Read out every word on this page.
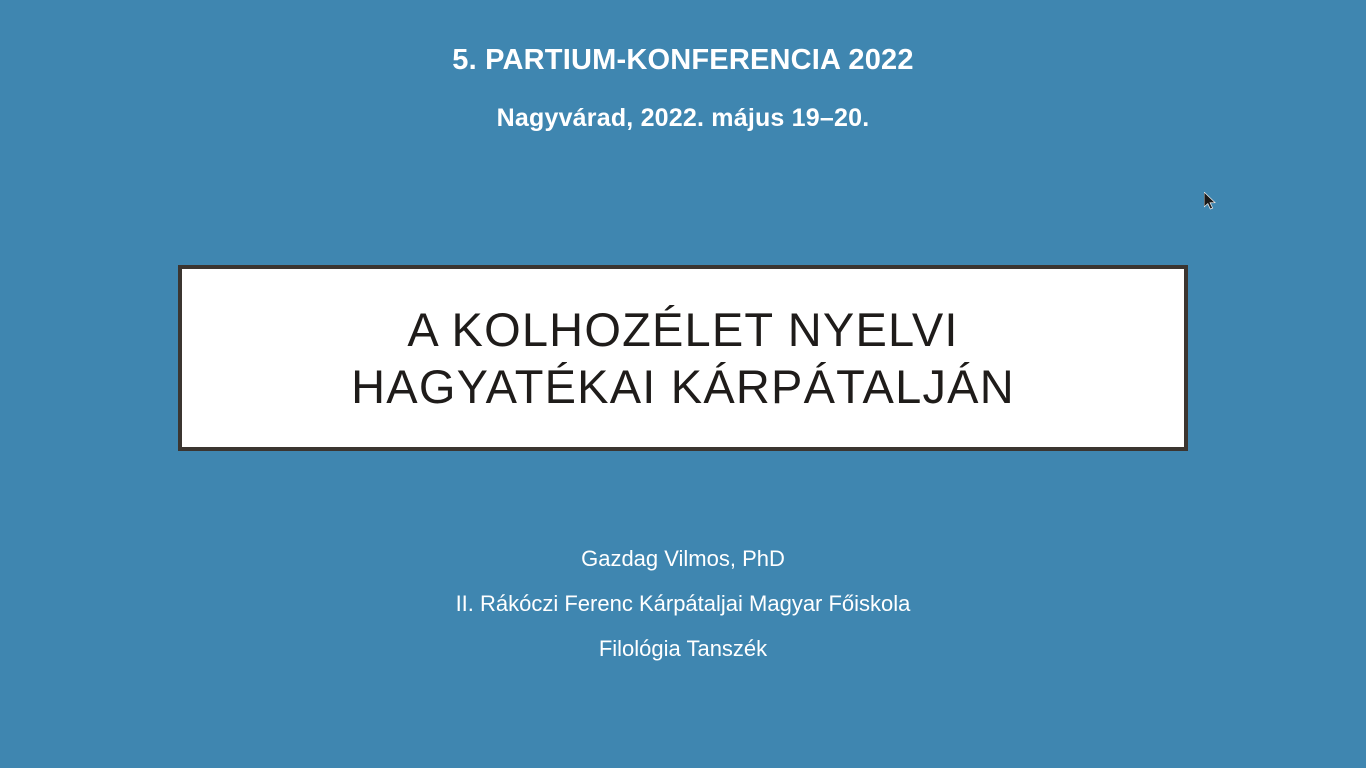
5. PARTIUM-KONFERENCIA 2022
Nagyvárad, 2022. május 19–20.
A KOLHOZÉLET NYELVI
HAGYATÉKAI KÁRPÁTALJÁN
Gazdag Vilmos, PhD
II. Rákóczi Ferenc Kárpátaljai Magyar Főiskola
Filológia Tanszék
